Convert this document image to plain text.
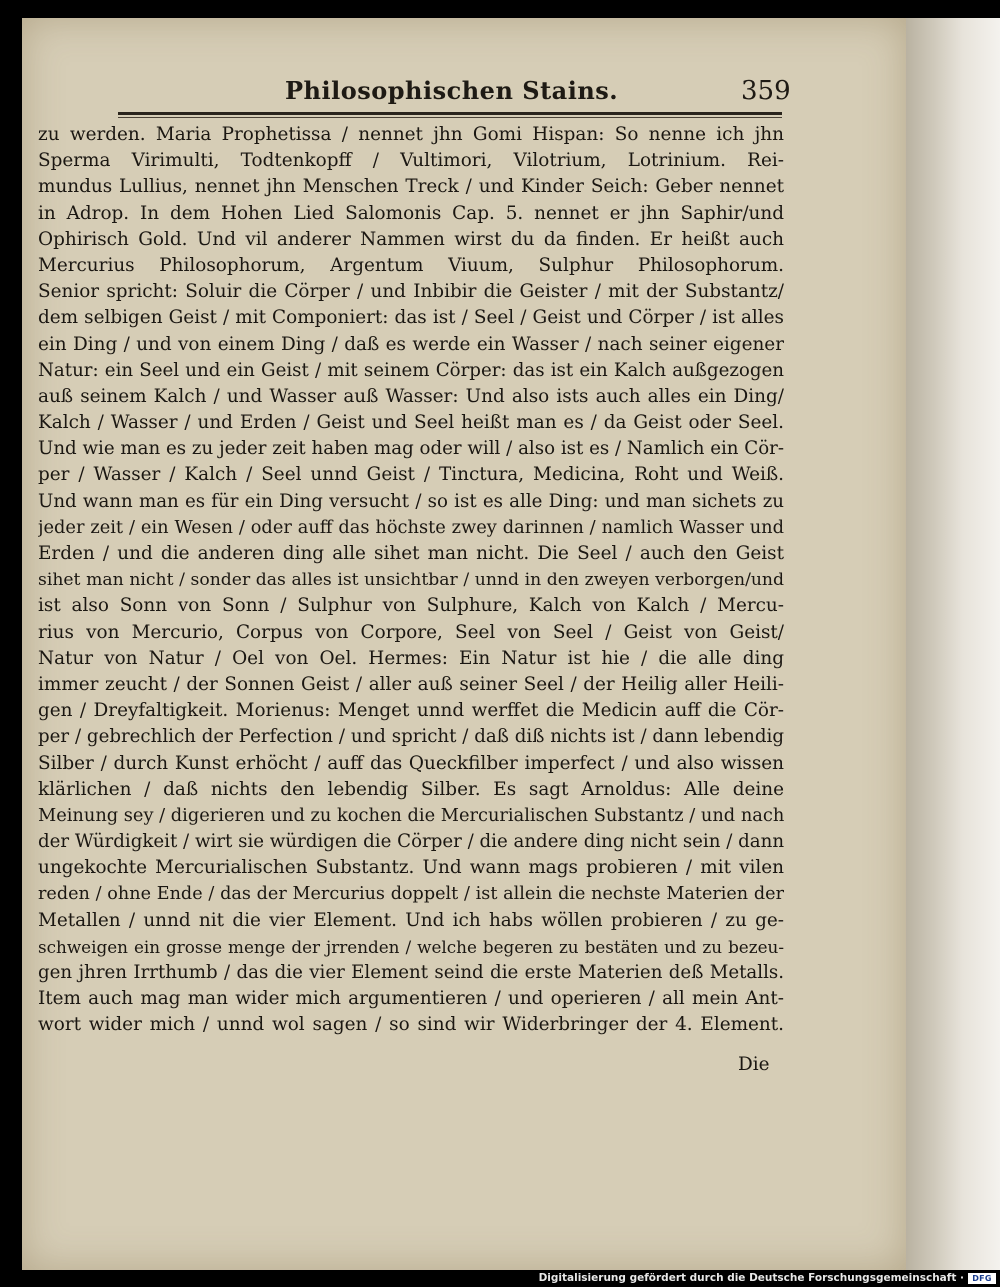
Philosophischen Stains.	359
zu werden. Maria Prophetissa / nennet jhn Gomi Hispan: So nenne ich jhn
Sperma Virimulti, Todtenkopff / Vultimori, Vilotrium, Lotrinium. Rei-
mundus Lullius, nennet jhn Menschen Treck / und Kinder Seich: Geber nennet
in Adrop. In dem Hohen Lied Salomonis Cap. 5. nennet er jhn Saphir/und
Ophirisch Gold. Und vil anderer Nammen wirst du da finden. Er heißt auch
Mercurius Philosophorum, Argentum Viuum, Sulphur Philosophorum.
Senior spricht: Soluir die Cörper / und Inbibir die Geister / mit der Substantz/
dem selbigen Geist / mit Componiert: das ist / Seel / Geist und Cörper / ist alles
ein Ding / und von einem Ding / daß es werde ein Wasser / nach seiner eigener
Natur: ein Seel und ein Geist / mit seinem Cörper: das ist ein Kalch außgezogen
auß seinem Kalch / und Wasser auß Wasser: Und also ists auch alles ein Ding/
Kalch / Wasser / und Erden / Geist und Seel heißt man es / da Geist oder Seel.
Und wie man es zu jeder zeit haben mag oder will / also ist es / Namlich ein Cör-
per / Wasser / Kalch / Seel unnd Geist / Tinctura, Medicina, Roht und Weiß.
Und wann man es für ein Ding versucht / so ist es alle Ding: und man sichets zu
jeder zeit / ein Wesen / oder auff das höchste zwey darinnen / namlich Wasser und
Erden / und die anderen ding alle sihet man nicht. Die Seel / auch den Geist
sihet man nicht / sonder das alles ist unsichtbar / unnd in den zweyen verborgen/und
ist also Sonn von Sonn / Sulphur von Sulphure, Kalch von Kalch / Mercu-
rius von Mercurio, Corpus von Corpore, Seel von Seel / Geist von Geist/
Natur von Natur / Oel von Oel. Hermes: Ein Natur ist hie / die alle ding
immer zeucht / der Sonnen Geist / aller auß seiner Seel / der Heilig aller Heili-
gen / Dreyfaltigkeit. Morienus: Menget unnd werffet die Medicin auff die Cör-
per / gebrechlich der Perfection / und spricht / daß diß nichts ist / dann lebendig
Silber / durch Kunst erhöcht / auff das Queckfilber imperfect / und also wissen
klärlichen / daß nichts den lebendig Silber. Es sagt Arnoldus: Alle deine
Meinung sey / digerieren und zu kochen die Mercurialischen Substantz / und nach
der Würdigkeit / wirt sie würdigen die Cörper / die andere ding nicht sein / dann
ungekochte Mercurialischen Substantz. Und wann mags probieren / mit vilen
reden / ohne Ende / das der Mercurius doppelt / ist allein die nechste Materien der
Metallen / unnd nit die vier Element. Und ich habs wöllen probieren / zu ge-
schweigen ein grosse menge der jrrenden / welche begeren zu bestäten und zu bezeu-
gen jhren Irrthumb / das die vier Element seind die erste Materien deß Metalls.
Item auch mag man wider mich argumentieren / und operieren / all mein Ant-
wort wider mich / unnd wol sagen / so sind wir Widerbringer der 4. Element.
Die
Digitalisierung gefördert durch die Deutsche Forschungsgemeinschaft ·	DFG
